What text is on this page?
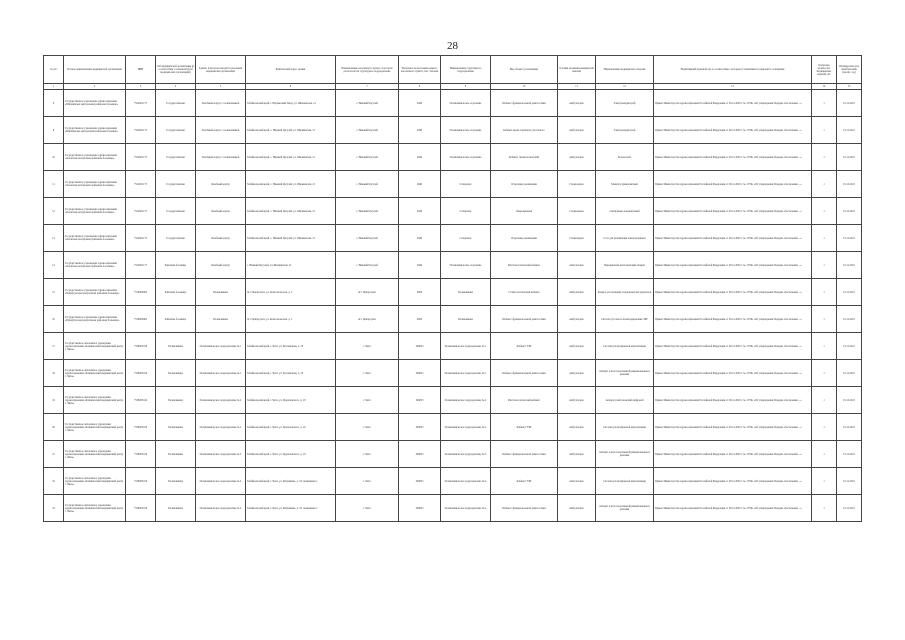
28
№ п/п	Полное наименование медицинской организации	ИНН	Тип медицинской организации (в соответствии с номенклатурой медицинских организаций)	Здание, в котором находится указанная медицинская организация	Фактический адрес здания	Наименование населенного пункта, в котором располагается структурное подразделение	Численность населения данного населенного пункта, тыс. человек	Наименование структурного подразделения	Вид объекта (оснащения)	Условия оказания медицинской помощи	Наименование медицинского изделия	Нормативный правовой акт, в соответствии с которым устанавливается приоритет оснащения	Требуемое количество медицинских изделий, шт.	Планируемая дата приобретения (месяц, год)
1	2	3	4	5	6	7	8	9	10	11	12	13	14	15
8	Государственное учреждение здравоохранения «Шилкинская центральная районная больница»	7524001173	Государственная	Лечебный корпус с поликлиникой	Забайкальский край, г. Нерчинский Завод, ул. Шилкинская, 21	с. Нижний Цасучей	2940	Поликлиническое отделение	Кабинет функциональной диагностики	Амбулаторно	Электрокардиограф	Приказ Министерства здравоохранения Российской Федерации от 28.12.2020 г. № 1379н «Об утверждении Порядка обеспечения ...»	1	01.12.2021
9	Государственное учреждение здравоохранения «Шилкинская центральная районная больница»	7524001173	Государственная	Лечебный корпус с поликлиникой	Забайкальский край, с. Нижний Цасучей, ул. Шилкинская, 21	с. Нижний Цасучей	2940	Поликлиническое отделение	Кабинет врача-терапевта участкового	Амбулаторно	Электрокардиограф	Приказ Министерства здравоохранения Российской Федерации от 28.12.2020 г. № 1379н «Об утверждении Порядка обеспечения ...»	1	01.12.2021
10	Государственное учреждение здравоохранения «Ононская центральная районная больница»	7524001173	Государственная	Лечебный корпус с поликлиникой	Забайкальский край, с. Нижний Цасучей, ул. Шилкинская, 21	с. Нижний Цасучей	2940	Поликлиническое отделение	Кабинет гинекологический	Амбулаторно	Кольпоскоп	Приказ Министерства здравоохранения Российской Федерации от 28.12.2020 г. № 1379н «Об утверждении Порядка обеспечения ...»	1	01.12.2021
11	Государственное учреждение здравоохранения «Ононская центральная районная больница»	7524001173	Государственная	Лечебный корпус	Забайкальский край, с. Нижний Цасучей, ул. Шилкинская, 21	с. Нижний Цасучей	2940	Стационар	Отделение реанимации	Стационарно	Монитор прикроватный	Приказ Министерства здравоохранения Российской Федерации от 28.12.2020 г. № 1379н «Об утверждении Порядка обеспечения ...»	1	01.12.2021
12	Государственное учреждение здравоохранения «Ононская центральная районная больница»	7524001173	Государственная	Лечебный корпус	Забайкальский край, с. Нижний Цасучей, ул. Шилкинская, 21	с. Нижний Цасучей	2940	Стационар	Операционная	Стационарно	Светильник операционный	Приказ Министерства здравоохранения Российской Федерации от 28.12.2020 г. № 1379н «Об утверждении Порядка обеспечения ...»	1	01.12.2021
13	Государственное учреждение здравоохранения «Ононская центральная районная больница»	7524001173	Государственная	Лечебный корпус	Забайкальский край, с. Нижний Цасучей, ул. Шилкинская, 21	с. Нижний Цасучей	2940	Стационар	Отделение реанимации	Стационарно	Стол для реанимации новорожденных	Приказ Министерства здравоохранения Российской Федерации от 28.12.2020 г. № 1379н «Об утверждении Порядка обеспечения ...»	1	01.12.2021
14	Государственное учреждение здравоохранения «Ононская центральная районная больница»	7524001173	Районная больница	Лечебный корпус	с. Нижний Цасучей, ул. Шилкинская, 21	с. Нижний Цасучей	2940	Поликлиническое отделение	Рентгенологический кабинет	Амбулаторно	Передвижной рентгеновский аппарат	Приказ Министерства здравоохранения Российской Федерации от 28.12.2020 г. № 1379н «Об утверждении Порядка обеспечения ...»	1	01.12.2021
15	Государственное учреждение здравоохранения «Приаргунская центральная районная больница»	7518000962	Районная больница	Поликлиника	пгт. Приаргунск, ул. Комсомольская, д. 5	пгт. Приаргунск	9000	Поликлиника	Стоматологический кабинет	Амбулаторно	Камера для хранения стерильных инструментов	Приказ Министерства здравоохранения Российской Федерации от 28.12.2020 г. № 1379н «Об утверждении Порядка обеспечения ...»	1	01.12.2021
16	Государственное учреждение здравоохранения «Приаргунская центральная районная больница»	7518000962	Районная больница	Поликлиника	пгт. Приаргунск, ул. Комсомольская, д. 5	пгт. Приаргунск	9000	Поликлиника	Кабинет функциональной диагностики	Амбулаторно	Система суточного мониторирования ЭКГ	Приказ Министерства здравоохранения Российской Федерации от 28.12.2020 г. № 1379н «Об утверждении Порядка обеспечения ...»	1	01.12.2021
17	Государственное автономное учреждение здравоохранения «Клинический медицинский центр г. Читы»	7536003416	Поликлиника	Поликлиническое подразделение № 1	Забайкальский край, г. Чита, ул. Богомягкова, д. 23	г. Чита	349005	Поликлиническое подразделение № 1	Кабинет УЗИ	Амбулаторно	Система ультразвуковой визуализации	Приказ Министерства здравоохранения Российской Федерации от 28.12.2020 г. № 1379н «Об утверждении Порядка обеспечения ...»	1	01.12.2021
18	Государственное автономное учреждение здравоохранения «Клинический медицинский центр г. Читы»	7536003416	Поликлиника	Поликлиническое подразделение № 1	Забайкальский край, г. Чита, ул. Богомягкова, д. 23	г. Чита	349005	Поликлиническое подразделение № 1	Кабинет функциональной диагностики	Амбулаторно	Аппарат для исследования функции внешнего дыхания	Приказ Министерства здравоохранения Российской Федерации от 28.12.2020 г. № 1379н «Об утверждении Порядка обеспечения ...»	1	01.12.2021
19	Государственное автономное учреждение здравоохранения «Клинический медицинский центр г. Читы»	7536003416	Поликлиника	Поликлиническое подразделение № 2	Забайкальский край, г. Чита, ул. Курнатовского, д. 18	г. Чита	349005	Поликлиническое подразделение № 2	Рентгенологический кабинет	Амбулаторно	Аппарат рентгеновский цифровой	Приказ Министерства здравоохранения Российской Федерации от 28.12.2020 г. № 1379н «Об утверждении Порядка обеспечения ...»	1	01.12.2021
20	Государственное автономное учреждение здравоохранения «Клинический медицинский центр г. Читы»	7536003416	Поликлиника	Поликлиническое подразделение № 2	Забайкальский край, г. Чита, ул. Курнатовского, д. 18	г. Чита	349005	Поликлиническое подразделение № 2	Кабинет УЗИ	Амбулаторно	Система ультразвуковой визуализации	Приказ Министерства здравоохранения Российской Федерации от 28.12.2020 г. № 1379н «Об утверждении Порядка обеспечения ...»	1	01.12.2021
21	Государственное автономное учреждение здравоохранения «Клинический медицинский центр г. Читы»	7536003416	Поликлиника	Поликлиническое подразделение № 3	Забайкальский край, г. Чита, ул. Курнатовского, д. 18	г. Чита	349005	Поликлиническое подразделение № 3	Кабинет функциональной диагностики	Амбулаторно	Аппарат для исследования функции внешнего дыхания	Приказ Министерства здравоохранения Российской Федерации от 28.12.2020 г. № 1379н «Об утверждении Порядка обеспечения ...»	1	01.12.2021
22	Государственное автономное учреждение здравоохранения «Клинический медицинский центр г. Читы»	7536003416	Поликлиника	Поликлиническое подразделение № 4	Забайкальский край, г. Чита, ул. Бабушкина, д. 18, помещение 1	г. Чита	349005	Поликлиническое подразделение № 4	Кабинет УЗИ	Амбулаторно	Система ультразвуковой визуализации	Приказ Министерства здравоохранения Российской Федерации от 28.12.2020 г. № 1379н «Об утверждении Порядка обеспечения ...»	1	01.12.2021
23	Государственное автономное учреждение здравоохранения «Клинический медицинский центр г. Читы»	7536003416	Поликлиника	Поликлиническое подразделение № 4	Забайкальский край, г. Чита, ул. Бабушкина, д. 18, помещение 1	г. Чита	349005	Поликлиническое подразделение № 4	Кабинет функциональной диагностики	Амбулаторно	Аппарат для исследования функции внешнего дыхания	Приказ Министерства здравоохранения Российской Федерации от 28.12.2020 г. № 1379н «Об утверждении Порядка обеспечения ...»	1	01.12.2021
